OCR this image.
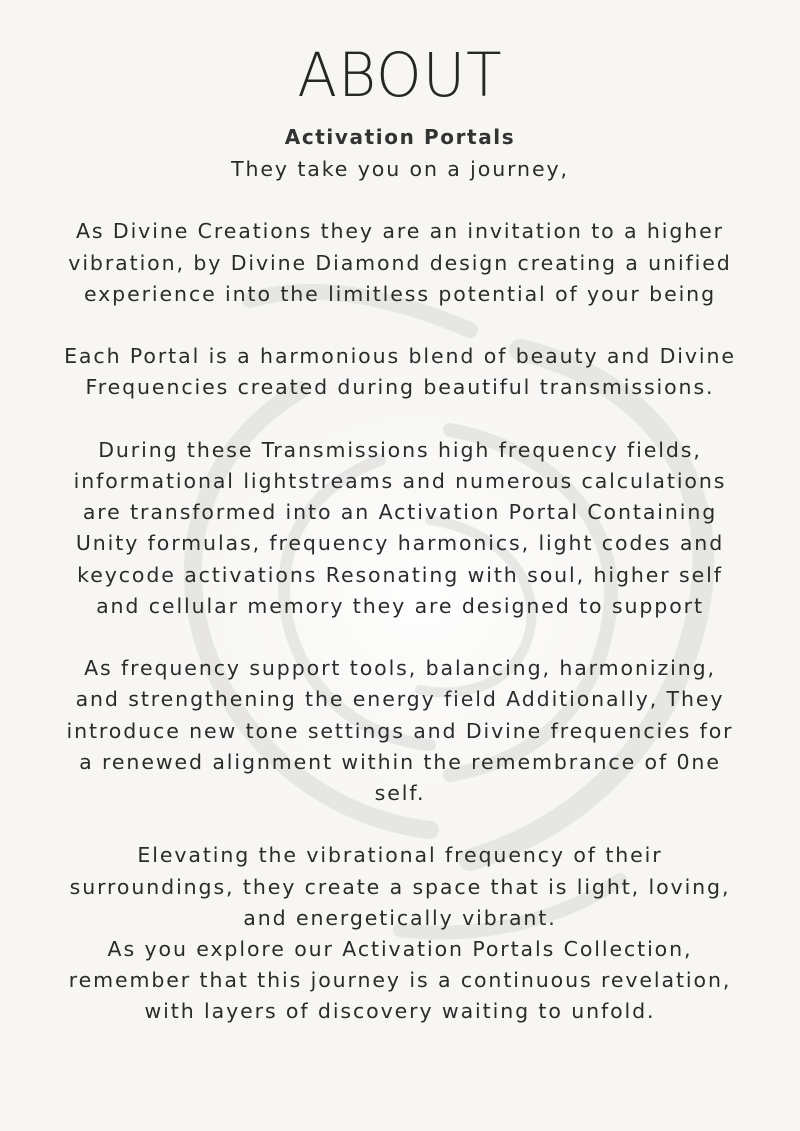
ABOUT
Activation Portals

They take you on a journey,

As Divine Creations they are an invitation to a higher vibration, by Divine Diamond design creating a unified experience into the limitless potential of your being

Each Portal is a harmonious blend of beauty and Divine Frequencies created during beautiful transmissions.

During these Transmissions high frequency fields, informational lightstreams and numerous calculations are transformed into an Activation Portal Containing Unity formulas, frequency harmonics, light codes and keycode activations Resonating with soul, higher self and cellular memory they are designed to support

As frequency support tools, balancing, harmonizing, and strengthening the energy field Additionally, They introduce new tone settings and Divine frequencies for a renewed alignment within the remembrance of 0ne self.

Elevating the vibrational frequency of their surroundings, they create a space that is light, loving, and energetically vibrant.

As you explore our Activation Portals Collection, remember that this journey is a continuous revelation, with layers of discovery waiting to unfold.
